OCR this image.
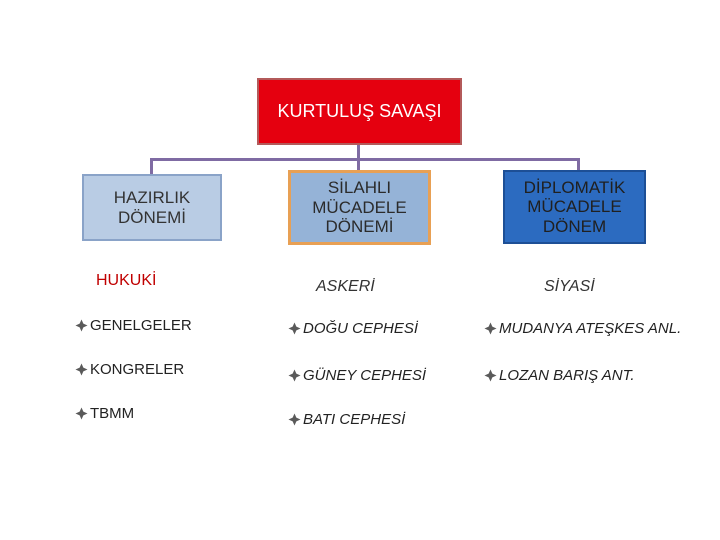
KURTULUŞ SAVAŞI
HAZIRLIK DÖNEMİ
SİLAHLI MÜCADELE DÖNEMİ
DİPLOMATİK MÜCADELE DÖNEM
HUKUKİ	ASKERİ	SİYASİ
GENELGELER
KONGRELER
TBMM
DOĞU CEPHESİ
GÜNEY CEPHESİ
BATI CEPHESİ
MUDANYA ATEŞKES ANL.
LOZAN BARIŞ ANT.
